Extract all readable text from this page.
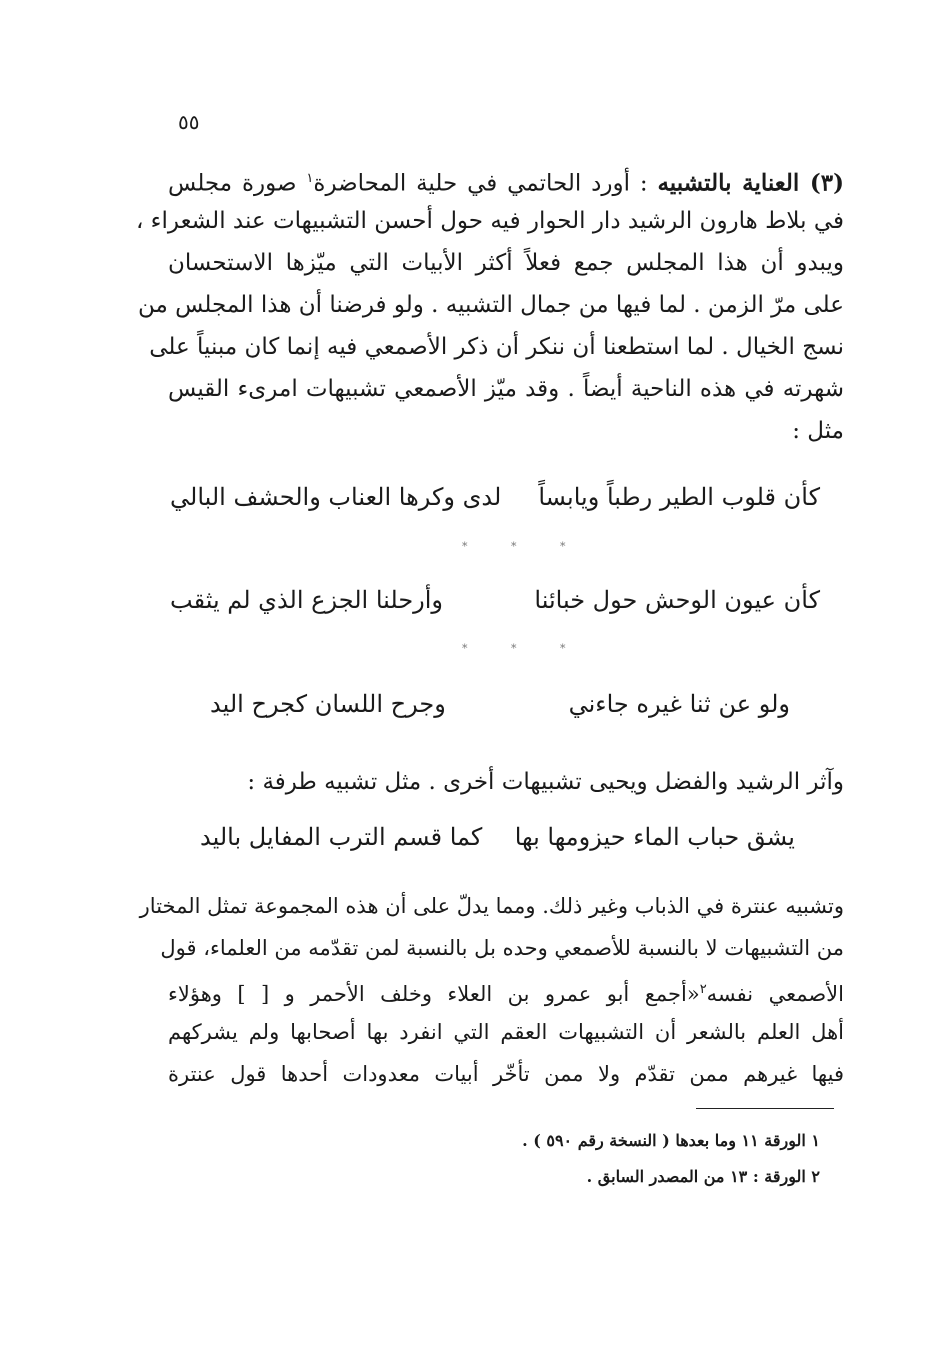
٥٥
(٣) العناية بالتشبيه : أورد الحاتمي في حلية المحاضرة$^١$ صورة مجلس
في بلاط هارون الرشيد دار الحوار فيه حول أحسن التشبيهات عند الشعراء ،
ويبدو أن هذا المجلس جمع فعلاً أكثر الأبيات التي ميّزها الاستحسان
على مرّ الزمن . لما فيها من جمال التشبيه . ولو فرضنا أن هذا المجلس من
نسج الخيال . لما استطعنا أن ننكر أن ذكر الأصمعي فيه إنما كان مبنياً على
شهرته في هذه الناحية أيضاً . وقد ميّز الأصمعي تشبيهات امرىء القيس
مثل :
كأن قلوب الطير رطباً ويابساً
لدى وكرها العناب والحشف البالي
* * *
كأن عيون الوحش حول خبائنا
وأرحلنا الجزع الذي لم يثقب
* * *
ولو عن ثنا غيره جاءني
وجرح اللسان كجرح اليد
وآثر الرشيد والفضل ويحيى تشبيهات أخرى . مثل تشبيه طرفة :
يشق حباب الماء حيزومها بها
كما قسم الترب المفايل باليد
وتشبيه عنترة في الذباب وغير ذلك. ومما يدلّ على أن هذه المجموعة تمثل المختار
من التشبيهات لا بالنسبة للأصمعي وحده بل بالنسبة لمن تقدّمه من العلماء، قول
الأصمعي نفسه$^٢$«أجمع أبو عمرو بن العلاء وخلف الأحمر و [ ] وهؤلاء
أهل العلم بالشعر أن التشبيهات العقم التي انفرد بها أصحابها ولم يشركهم
فيها غيرهم ممن تقدّم ولا ممن تأخّر أبيات معدودات أحدها قول عنترة
١ الورقة ١١ وما بعدها ( النسخة رقم ٥٩٠ ) .
٢ الورقة : ١٣ من المصدر السابق .
